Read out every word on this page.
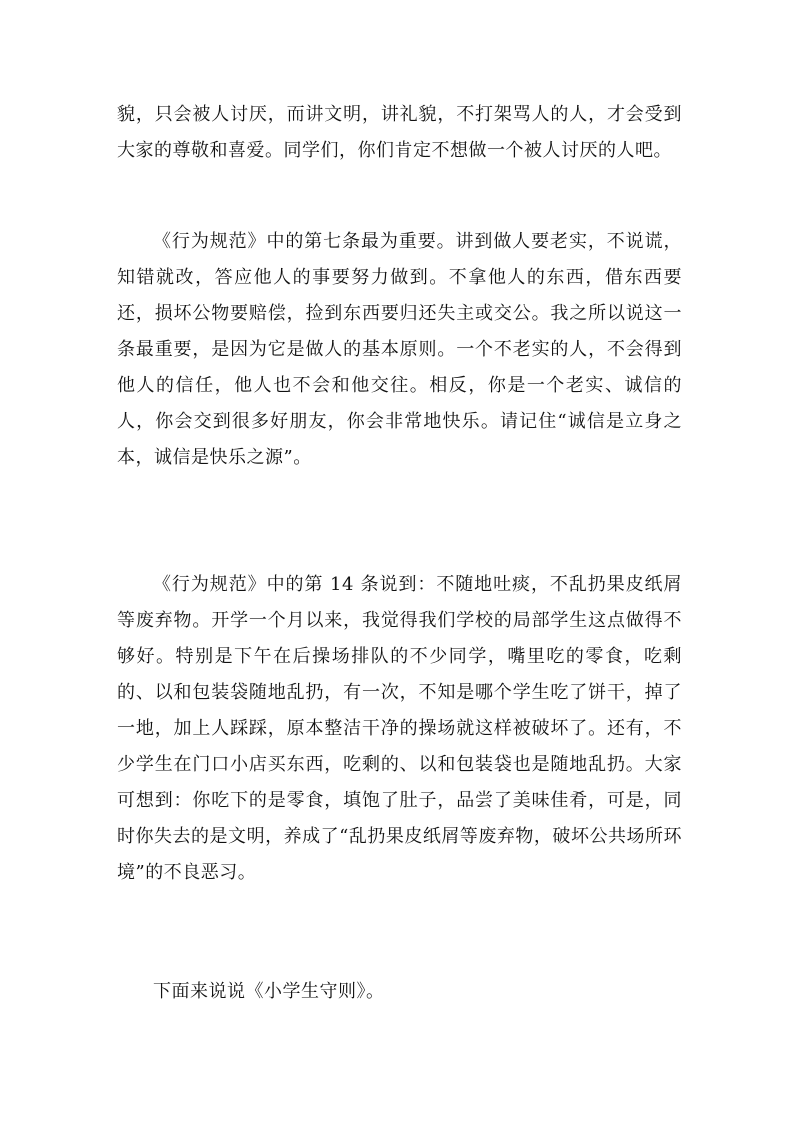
貌，只会被人讨厌，而讲文明，讲礼貌，不打架骂人的人，才会受到大家的尊敬和喜爱。同学们，你们肯定不想做一个被人讨厌的人吧。

《行为规范》中的第七条最为重要。讲到做人要老实，不说谎，知错就改，答应他人的事要努力做到。不拿他人的东西，借东西要还，损坏公物要赔偿，捡到东西要归还失主或交公。我之所以说这一条最重要，是因为它是做人的基本原则。一个不老实的人，不会得到他人的信任，他人也不会和他交往。相反，你是一个老实、诚信的人，你会交到很多好朋友，你会非常地快乐。请记住“诚信是立身之本，诚信是快乐之源”。

《行为规范》中的第 14 条说到：不随地吐痰，不乱扔果皮纸屑等废弃物。开学一个月以来，我觉得我们学校的局部学生这点做得不够好。特别是下午在后操场排队的不少同学，嘴里吃的零食，吃剩的、以和包装袋随地乱扔，有一次，不知是哪个学生吃了饼干，掉了一地，加上人踩踩，原本整洁干净的操场就这样被破坏了。还有，不少学生在门口小店买东西，吃剩的、以和包装袋也是随地乱扔。大家可想到：你吃下的是零食，填饱了肚子，品尝了美味佳肴，可是，同时你失去的是文明，养成了“乱扔果皮纸屑等废弃物，破坏公共场所环境”的不良恶习。

下面来说说《小学生守则》。
